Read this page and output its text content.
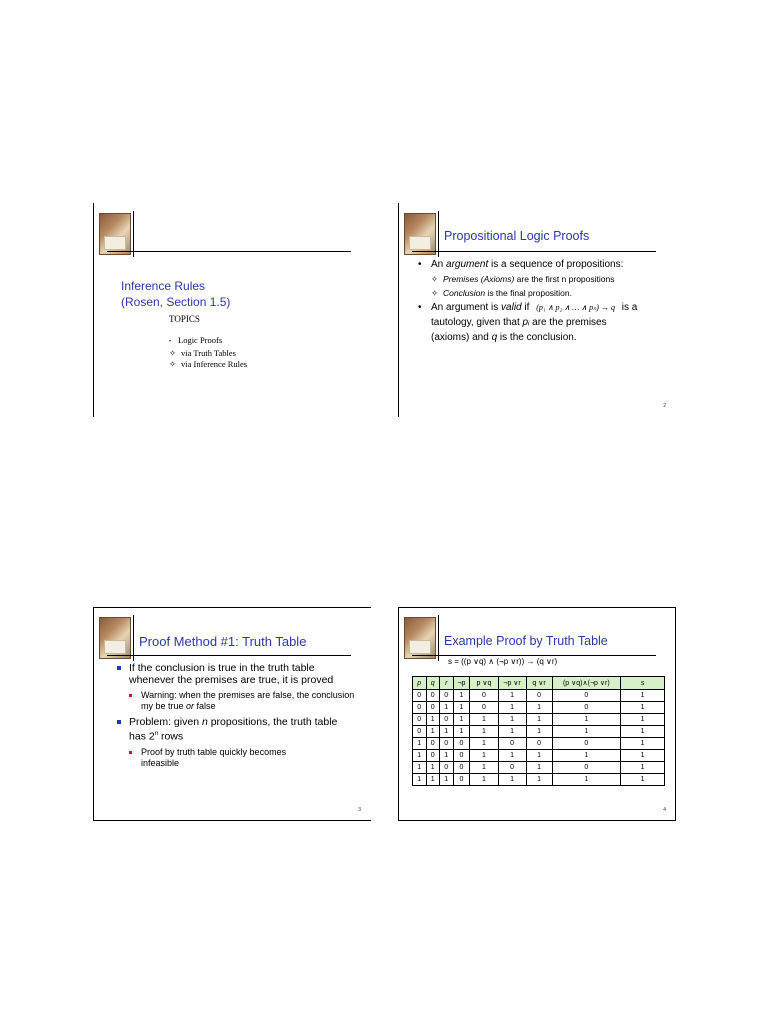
Inference Rules
(Rosen, Section 1.5)
TOPICS
• Logic Proofs
✧ via Truth Tables
✧ via Inference Rules
Propositional Logic Proofs
• An argument is a sequence of propositions:
✧ Premises (Axioms) are the first n propositions
✧ Conclusion is the final proposition.
• An argument is valid if (p₁ ∧ p₂ ∧ … ∧ pₙ) → q is a
tautology, given that pᵢ are the premises
(axioms) and q is the conclusion.
2
Proof Method #1: Truth Table
If the conclusion is true in the truth table whenever the premises are true, it is proved
Warning: when the premises are false, the conclusion my be true or false
Problem: given n propositions, the truth table has 2$^n$ rows
Proof by truth table quickly becomes infeasible
3
Example Proof by Truth Table
s = ((p ∨q) ∧ (¬p ∨r)) → (q ∨r)
p	q	r	¬p	p ∨q	¬p ∨r	q ∨r	(p ∨q)∧(¬p ∨r)	s
0	0	0	1	0	1	0	0	1
0	0	1	1	0	1	1	0	1
0	1	0	1	1	1	1	1	1
0	1	1	1	1	1	1	1	1
1	0	0	0	1	0	0	0	1
1	0	1	0	1	1	1	1	1
1	1	0	0	1	0	1	0	1
1	1	1	0	1	1	1	1	1
4
